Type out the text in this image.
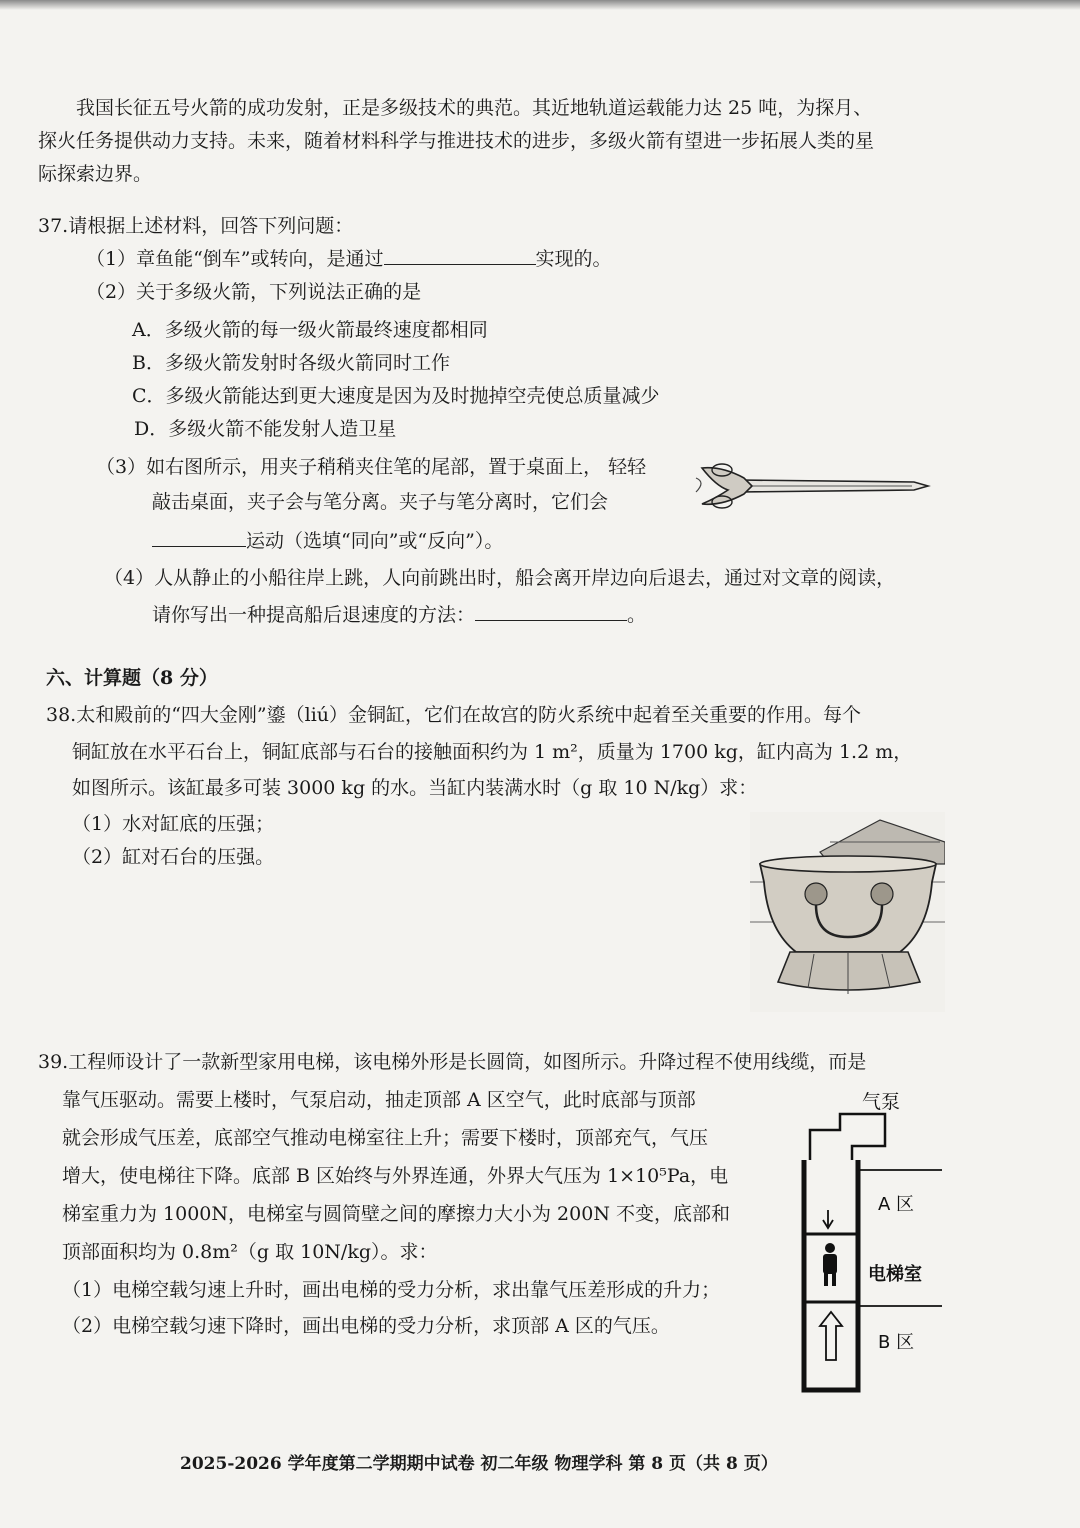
我国长征五号火箭的成功发射，正是多级技术的典范。其近地轨道运载能力达 25 吨，为探月、
探火任务提供动力支持。未来，随着材料科学与推进技术的进步，多级火箭有望进一步拓展人类的星
际探索边界。
37.请根据上述材料，回答下列问题：
（1）章鱼能“倒车”或转向，是通过	实现的。
（2）关于多级火箭，下列说法正确的是
A．多级火箭的每一级火箭最终速度都相同
B．多级火箭发射时各级火箭同时工作
C．多级火箭能达到更大速度是因为及时抛掉空壳使总质量减少
D．多级火箭不能发射人造卫星
（3）如右图所示，用夹子稍稍夹住笔的尾部，置于桌面上， 轻轻
敲击桌面，夹子会与笔分离。夹子与笔分离时，它们会
运动（选填“同向”或“反向”）。
（4）人从静止的小船往岸上跳，人向前跳出时，船会离开岸边向后退去，通过对文章的阅读，
请你写出一种提高船后退速度的方法：	。
六、计算题（8 分）
38.太和殿前的“四大金刚”鎏（liú）金铜缸，它们在故宫的防火系统中起着至关重要的作用。每个
铜缸放在水平石台上，铜缸底部与石台的接触面积约为 1 m²，质量为 1700 kg，缸内高为 1.2 m，
如图所示。该缸最多可装 3000 kg 的水。当缸内装满水时（g 取 10 N/kg）求：
（1）水对缸底的压强；
（2）缸对石台的压强。
39.工程师设计了一款新型家用电梯，该电梯外形是长圆筒，如图所示。升降过程不使用线缆，而是
靠气压驱动。需要上楼时，气泵启动，抽走顶部 A 区空气，此时底部与顶部
就会形成气压差，底部空气推动电梯室往上升；需要下楼时，顶部充气，气压
增大，使电梯往下降。底部 B 区始终与外界连通，外界大气压为 1×10⁵Pa，电
梯室重力为 1000N，电梯室与圆筒壁之间的摩擦力大小为 200N 不变，底部和
顶部面积均为 0.8m²（g 取 10N/kg）。求：
（1）电梯空载匀速上升时，画出电梯的受力分析，求出靠气压差形成的升力；
（2）电梯空载匀速下降时，画出电梯的受力分析，求顶部 A 区的气压。
气泵
A 区
电梯室
B 区
2025-2026 学年度第二学期期中试卷 初二年级 物理学科 第 8 页（共 8 页）
